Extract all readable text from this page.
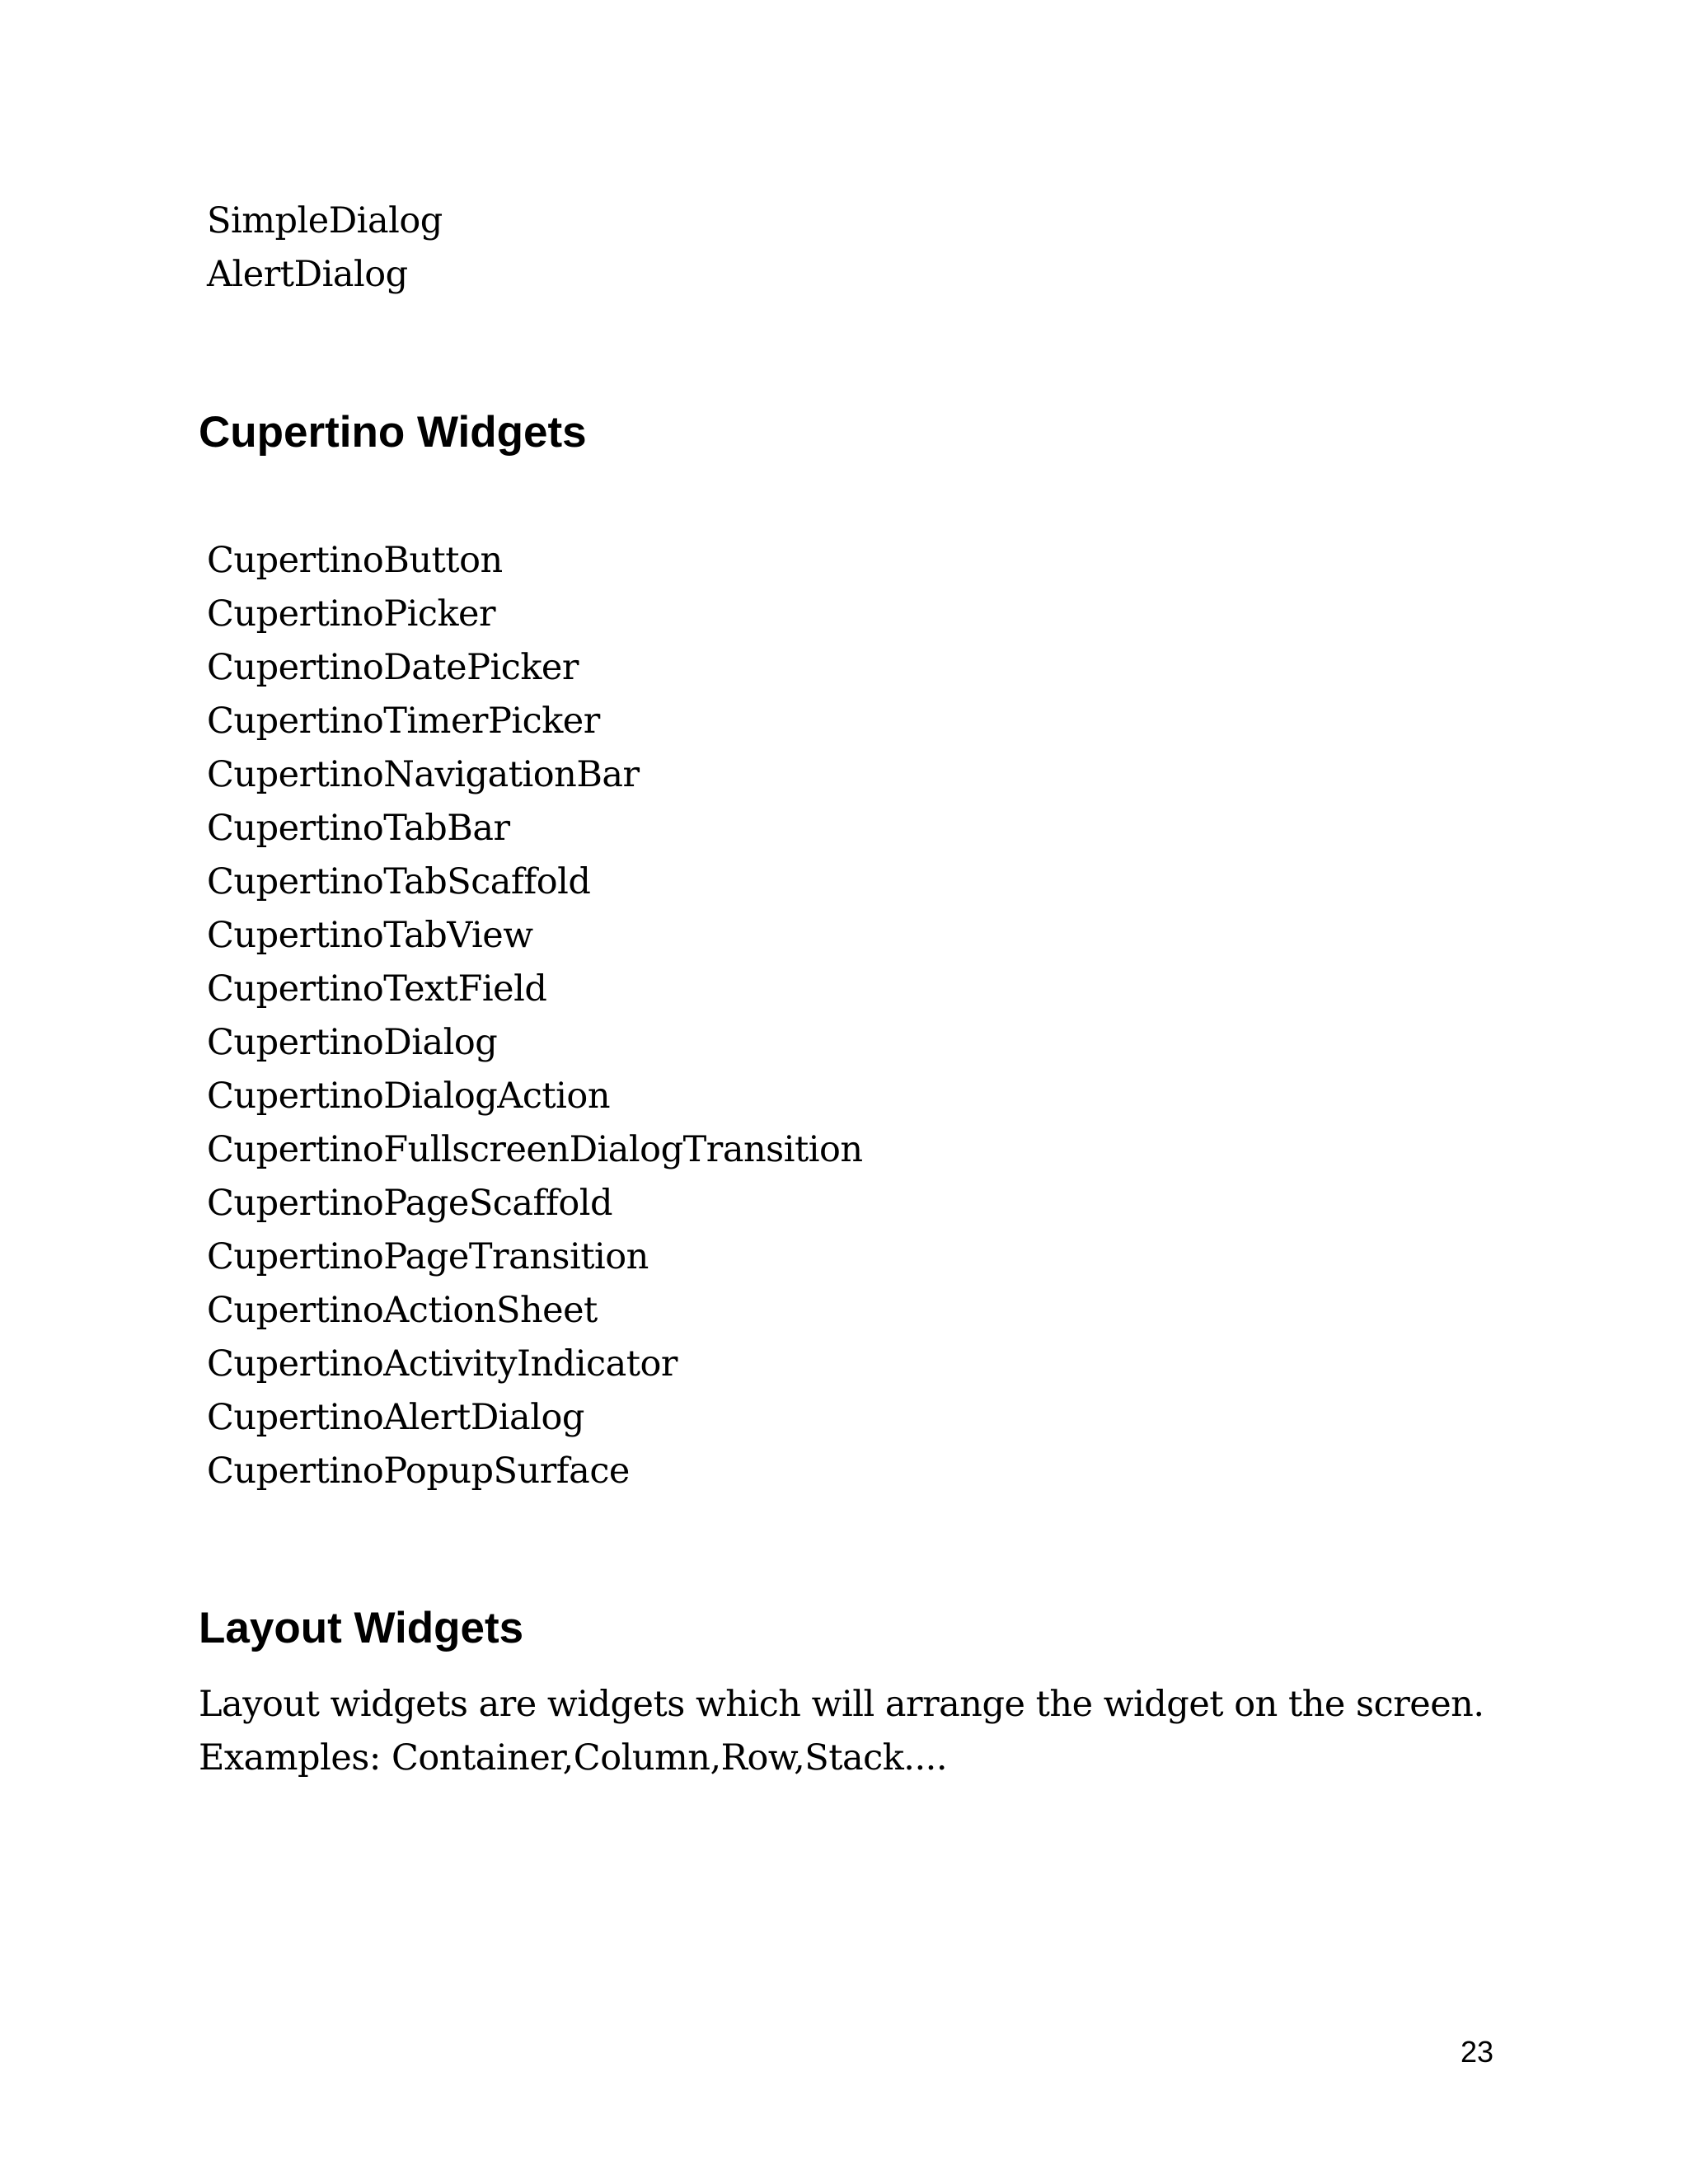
SimpleDialog
AlertDialog
Cupertino Widgets
CupertinoButton
CupertinoPicker
CupertinoDatePicker
CupertinoTimerPicker
CupertinoNavigationBar
CupertinoTabBar
CupertinoTabScaffold
CupertinoTabView
CupertinoTextField
CupertinoDialog
CupertinoDialogAction
CupertinoFullscreenDialogTransition
CupertinoPageScaffold
CupertinoPageTransition
CupertinoActionSheet
CupertinoActivityIndicator
CupertinoAlertDialog
CupertinoPopupSurface
Layout Widgets

Layout widgets are widgets which will arrange the widget on the screen.
Examples: Container,Column,Row,Stack....

23
